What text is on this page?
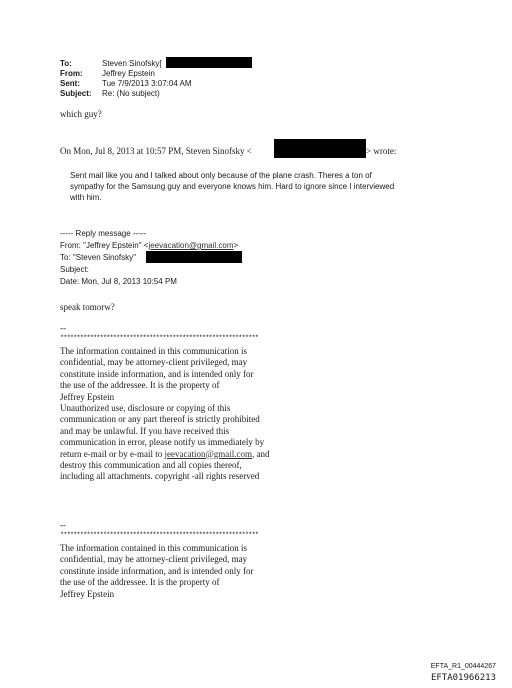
To:	Steven Sinofsky[
From: Jeffrey Epstein
Sent:	Tue 7/9/2013 3:07:04 AM
Subject: Re: (No subject)
which guy?
On Mon, Jul 8, 2013 at 10:57 PM, Steven Sinofsky <	> wrote:
Sent mail like you and I talked about only because of the plane crash. Theres a ton of
sympathy for the Samsung guy and everyone knows him. Hard to ignore since I interviewed
with him.
----- Reply message -----
From: "Jeffrey Epstein" <jeevacation@gmail.com>
To: "Steven Sinofsky"
Subject:
Date: Mon, Jul 8, 2013 10:54 PM
speak tomorw?
--
************************************************************
The information contained in this communication is
confidential, may be attorney-client privileged, may
constitute inside information, and is intended only for
the use of the addressee. It is the property of
Jeffrey Epstein
Unauthorized use, disclosure or copying of this
communication or any part thereof is strictly prohibited
and may be unlawful. If you have received this
communication in error, please notify us immediately by
return e-mail or by e-mail to jeevacation@gmail.com, and
destroy this communication and all copies thereof,
including all attachments. copyright -all rights reserved
--
************************************************************
The information contained in this communication is
confidential, may be attorney-client privileged, may
constitute inside information, and is intended only for
the use of the addressee. It is the property of
Jeffrey Epstein
EFTA_R1_00444267
EFTA01966213
